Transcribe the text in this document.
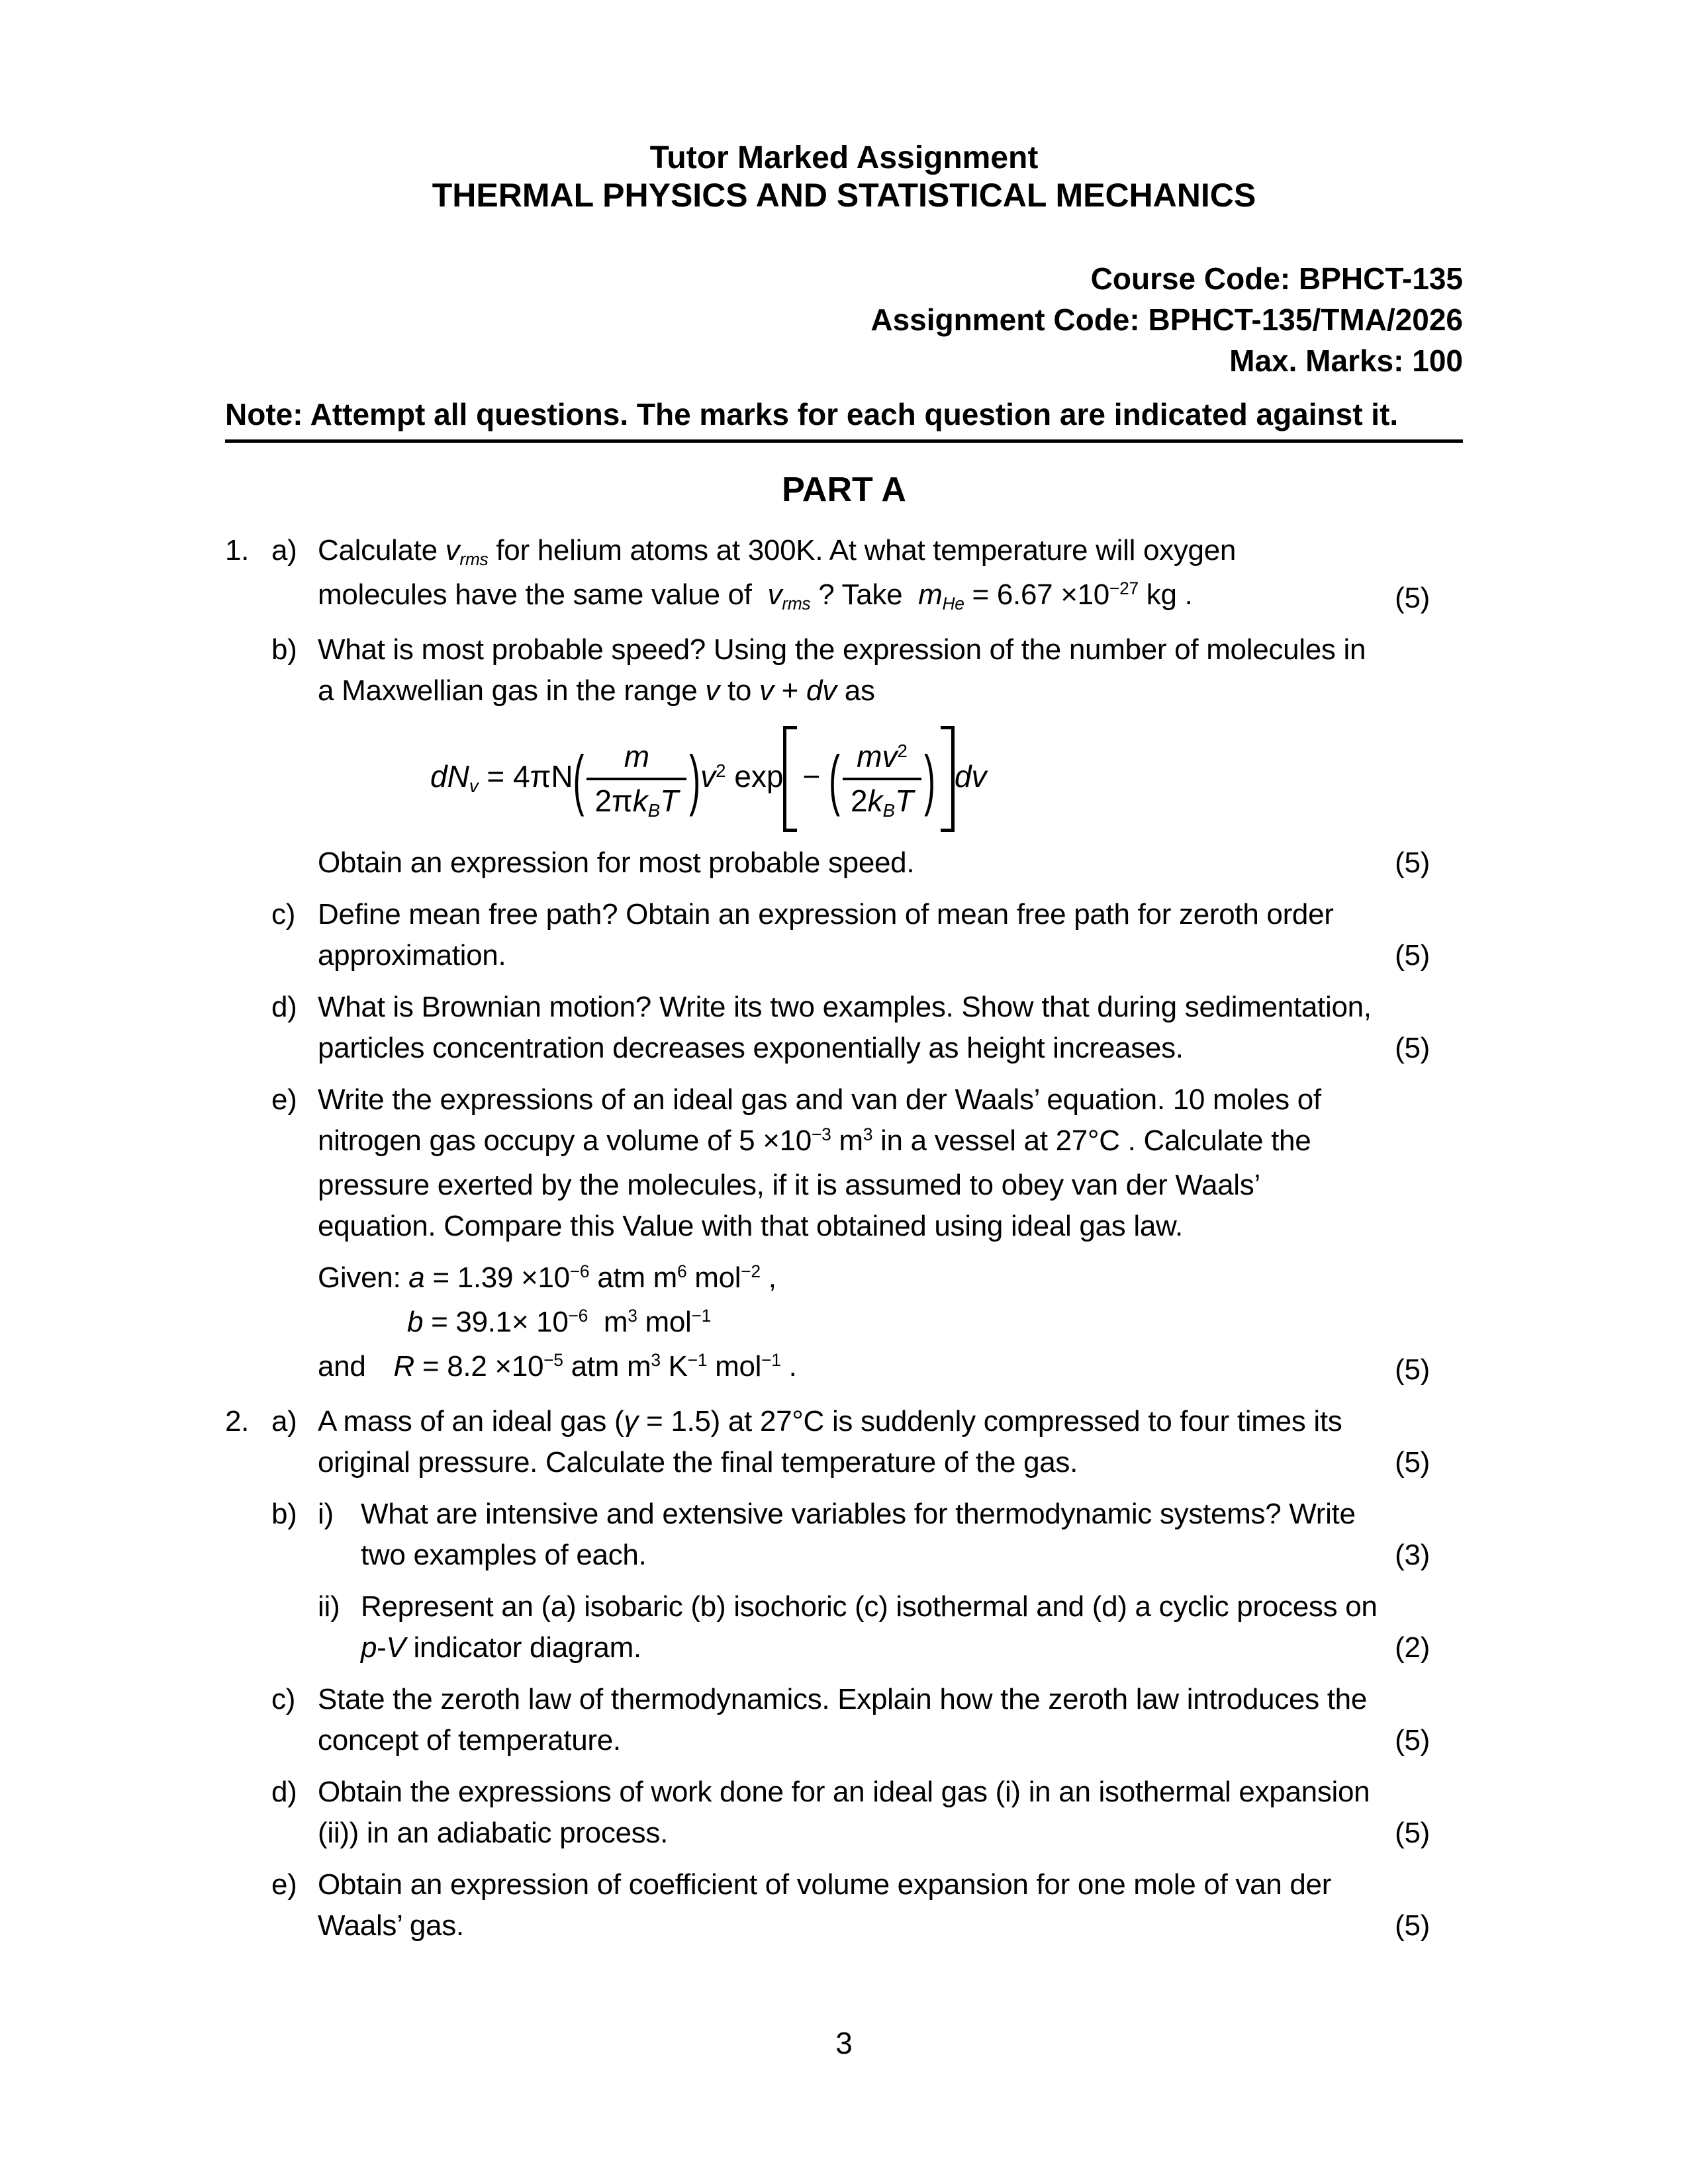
Tutor Marked Assignment
THERMAL PHYSICS AND STATISTICAL MECHANICS
Course Code: BPHCT-135
Assignment Code: BPHCT-135/TMA/2026
Max. Marks: 100
Note: Attempt all questions. The marks for each question are indicated against it.
PART A
1. a) Calculate vrms for helium atoms at 300K. At what temperature will oxygen
molecules have the same value of  vrms ? Take  mHe = $6.67 \times 10^{-27}$ kg .	(5)
b) What is most probable speed? Using the expression of the number of molecules in
a Maxwellian gas in the range v to v + dv as
dNv = $4\pi N( \frac{m}{\text{2πkBT}} )v^2$ exp − ( $\frac{mv^2}{\text{2kBT}}$ ) dv
Obtain an expression for most probable speed.	(5)
c) Define mean free path? Obtain an expression of mean free path for zeroth order
approximation.	(5)
d) What is Brownian motion? Write its two examples. Show that during sedimentation,
particles concentration decreases exponentially as height increases.	(5)
e) Write the expressions of an ideal gas and van der Waals’ equation. 10 moles of
nitrogen gas occupy a volume of $5 \times 10^{-3}$ $m^3$ in a vessel at 27°C . Calculate the
pressure exerted by the molecules, if it is assumed to obey van der Waals’
equation. Compare this Value with that obtained using ideal gas law.
Given: $a = 1.39 \times 10^{-6}$ atm $m^6$ mol$^{-2}$ ,
$b = 39.1\times 10^{-6}$  $m^3$ mol$^{-1}$
and $R = 8.2 \times 10^{-5}$ atm $m^3$ $K^{-1}$ mol$^{-1}$ .	(5)
2. a) A mass of an ideal gas (γ = 1.5) at 27°C is suddenly compressed to four times its
original pressure. Calculate the final temperature of the gas.	(5)
b) i) What are intensive and extensive variables for thermodynamic systems? Write
two examples of each.	(3)
ii) Represent an (a) isobaric (b) isochoric (c) isothermal and (d) a cyclic process on
p-V indicator diagram.	(2)
c) State the zeroth law of thermodynamics. Explain how the zeroth law introduces the
concept of temperature.	(5)
d) Obtain the expressions of work done for an ideal gas (i) in an isothermal expansion
(ii)) in an adiabatic process.	(5)
e) Obtain an expression of coefficient of volume expansion for one mole of van der
Waals’ gas.	(5)
3
